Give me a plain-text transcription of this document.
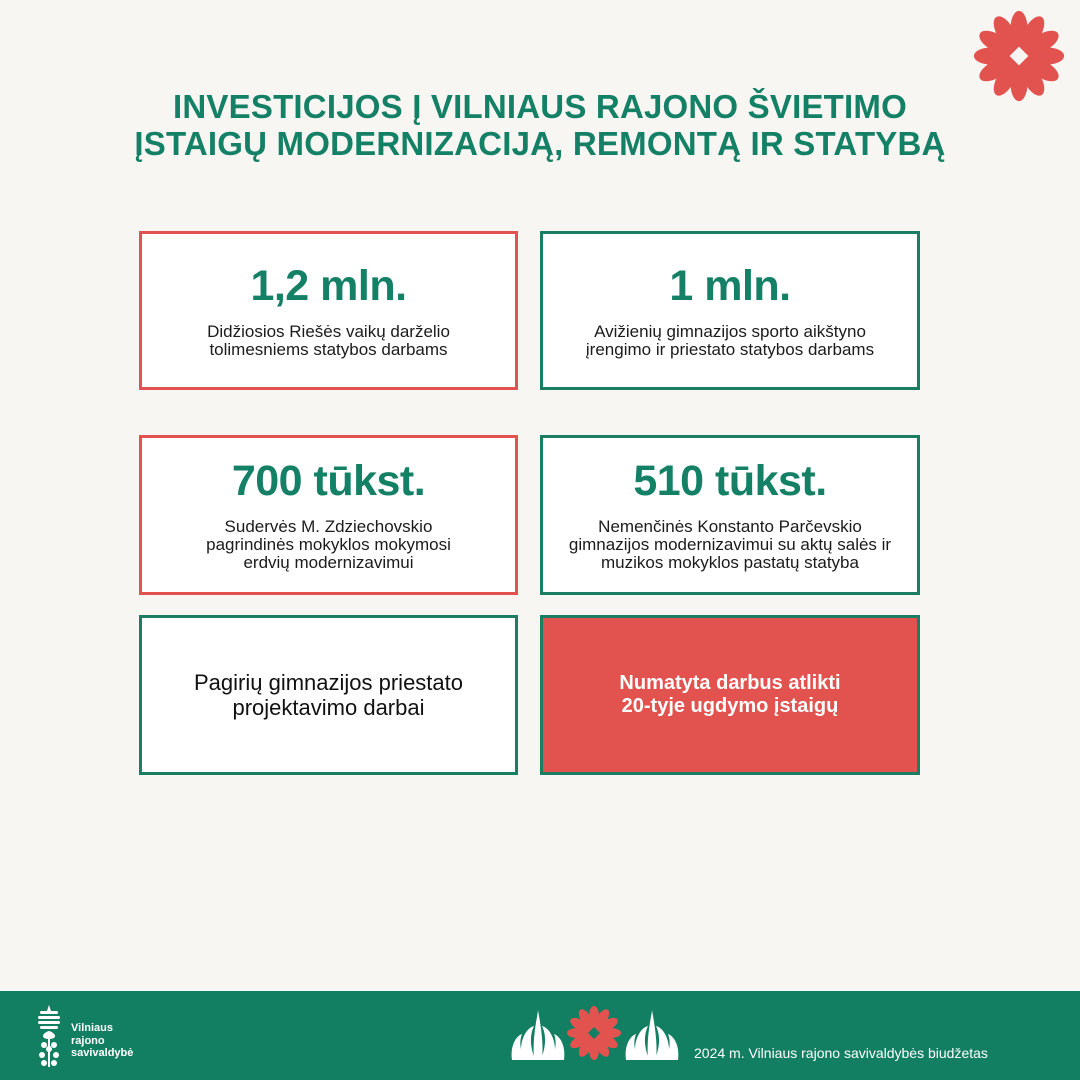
INVESTICIJOS Į VILNIAUS RAJONO ŠVIETIMO
ĮSTAIGŲ MODERNIZACIJĄ, REMONTĄ IR STATYBĄ
1,2 mln.
Didžiosios Riešės vaikų darželio
tolimesniems statybos darbams
1 mln.
Avižienių gimnazijos sporto aikštyno
įrengimo ir priestato statybos darbams
700 tūkst.
Sudervės M. Zdziechovskio
pagrindinės mokyklos mokymosi
erdvių modernizavimui
510 tūkst.
Nemenčinės Konstanto Parčevskio
gimnazijos modernizavimui su aktų salės ir
muzikos mokyklos pastatų statyba
Pagirių gimnazijos priestato
projektavimo darbai
Numatyta darbus atlikti
20-tyje ugdymo įstaigų
Vilniaus
rajono
savivaldybė	2024 m. Vilniaus rajono savivaldybės biudžetas
